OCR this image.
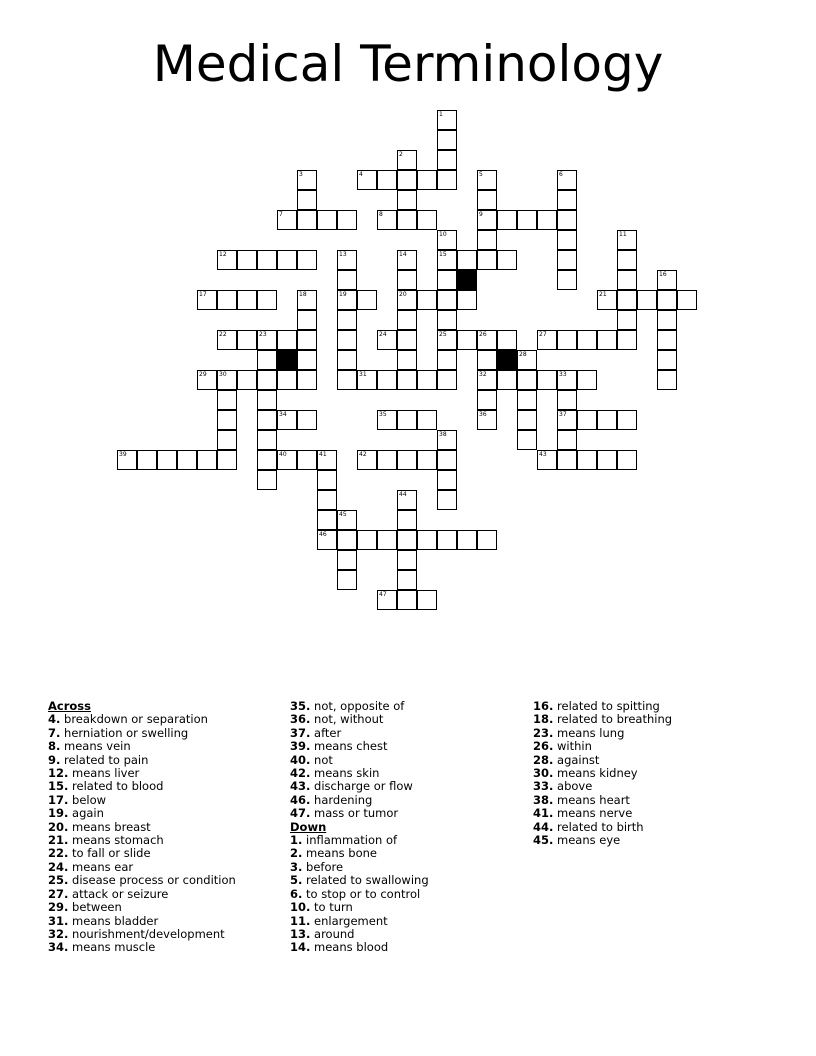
Medical Terminology
4
7	8	9
12	15
17	19	20	21
22	23	24	25	26	27
29 30	31	32	33
34	35	36	37
39	40	41	42	43
46
47
1
2
3	5	6
10	11
13	14
16
18
28
38
44
45
Across
4. breakdown or separation
7. herniation or swelling
8. means vein
9. related to pain
12. means liver
15. related to blood
17. below
19. again
20. means breast
21. means stomach
22. to fall or slide
24. means ear
25. disease process or condition
27. attack or seizure
29. between
31. means bladder
32. nourishment/development
34. means muscle
35. not, opposite of
36. not, without
37. after
39. means chest
40. not
42. means skin
43. discharge or flow
46. hardening
47. mass or tumor
Down
1. inflammation of
2. means bone
3. before
5. related to swallowing
6. to stop or to control
10. to turn
11. enlargement
13. around
14. means blood
16. related to spitting
18. related to breathing
23. means lung
26. within
28. against
30. means kidney
33. above
38. means heart
41. means nerve
44. related to birth
45. means eye
